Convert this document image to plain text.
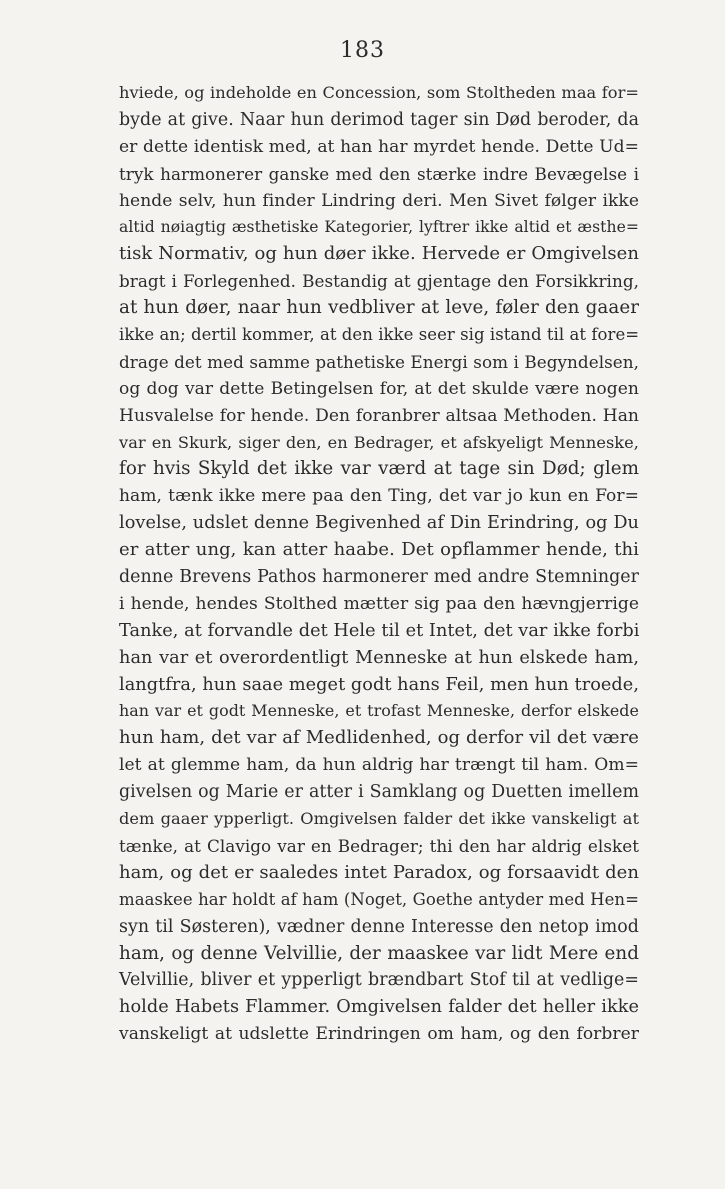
183
hviede, og indeholde en Concession, som Stoltheden maa for=
byde at give. Naar hun derimod tager sin Død beroder, da
er dette identisk med, at han har myrdet hende. Dette Ud=
tryk harmonerer ganske med den stærke indre Bevægelse i
hende selv, hun finder Lindring deri. Men Sivet følger ikke
altid nøiagtig æsthetiske Kategorier, lyftrer ikke altid et æsthe=
tisk Normativ, og hun døer ikke. Hervede er Omgivelsen
bragt i Forlegenhed. Bestandig at gjentage den Forsikkring,
at hun døer, naar hun vedbliver at leve, føler den gaaer
ikke an; dertil kommer, at den ikke seer sig istand til at fore=
drage det med samme pathetiske Energi som i Begyndelsen,
og dog var dette Betingelsen for, at det skulde være nogen
Husvalelse for hende. Den foranbrer altsaa Methoden. Han
var en Skurk, siger den, en Bedrager, et afskyeligt Menneske,
for hvis Skyld det ikke var værd at tage sin Død; glem
ham, tænk ikke mere paa den Ting, det var jo kun en For=
lovelse, udslet denne Begivenhed af Din Erindring, og Du
er atter ung, kan atter haabe. Det opflammer hende, thi
denne Brevens Pathos harmonerer med andre Stemninger
i hende, hendes Stolthed mætter sig paa den hævngjerrige
Tanke, at forvandle det Hele til et Intet, det var ikke forbi
han var et overordentligt Menneske at hun elskede ham,
langtfra, hun saae meget godt hans Feil, men hun troede,
han var et godt Menneske, et trofast Menneske, derfor elskede
hun ham, det var af Medlidenhed, og derfor vil det være
let at glemme ham, da hun aldrig har trængt til ham. Om=
givelsen og Marie er atter i Samklang og Duetten imellem
dem gaaer ypperligt. Omgivelsen falder det ikke vanskeligt at
tænke, at Clavigo var en Bedrager; thi den har aldrig elsket
ham, og det er saaledes intet Paradox, og forsaavidt den
maaskee har holdt af ham (Noget, Goethe antyder med Hen=
syn til Søsteren), vædner denne Interesse den netop imod
ham, og denne Velvillie, der maaskee var lidt Mere end
Velvillie, bliver et ypperligt brændbart Stof til at vedlige=
holde Habets Flammer. Omgivelsen falder det heller ikke
vanskeligt at udslette Erindringen om ham, og den forbrer
